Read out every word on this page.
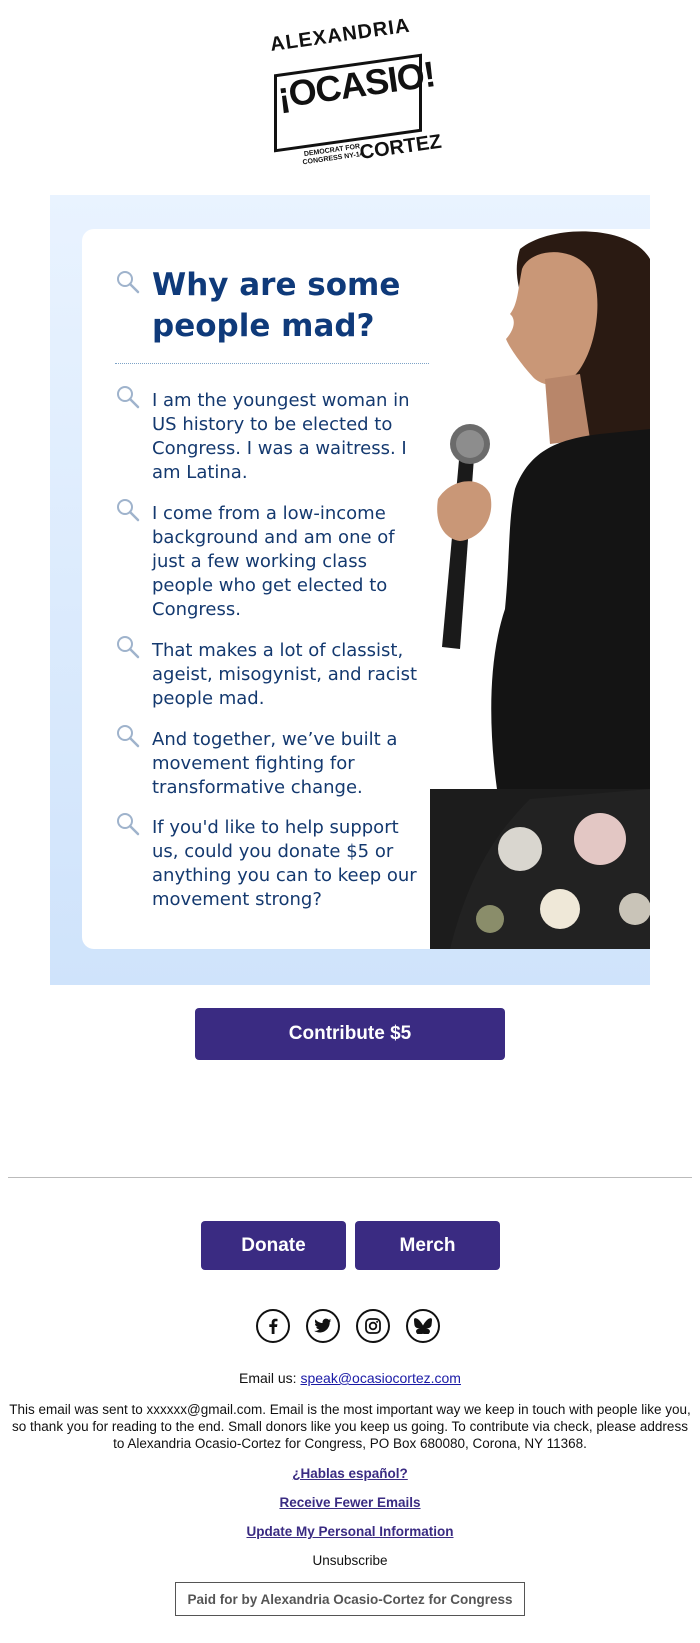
ALEXANDRIA
¡OCASIO!
DEMOCRAT FOR CONGRESS NY-14
CORTEZ
Why are some people mad?
I am the youngest woman in US history to be elected to Congress. I was a waitress. I am Latina.
I come from a low-income background and am one of just a few working class people who get elected to Congress.
That makes a lot of classist, ageist, misogynist, and racist people mad.
And together, we’ve built a movement fighting for transformative change.
If you'd like to help support us, could you donate $5 or anything you can to keep our movement strong?
Contribute $5
Donate	Merch
Email us: speak@ocasiocortez.com
This email was sent to xxxxxx@gmail.com. Email is the most important way we keep in touch with people like you, so thank you for reading to the end. Small donors like you keep us going. To contribute via check, please address to Alexandria Ocasio-Cortez for Congress, PO Box 680080, Corona, NY 11368.
¿Hablas español?
Receive Fewer Emails
Update My Personal Information
Unsubscribe
Paid for by Alexandria Ocasio-Cortez for Congress
